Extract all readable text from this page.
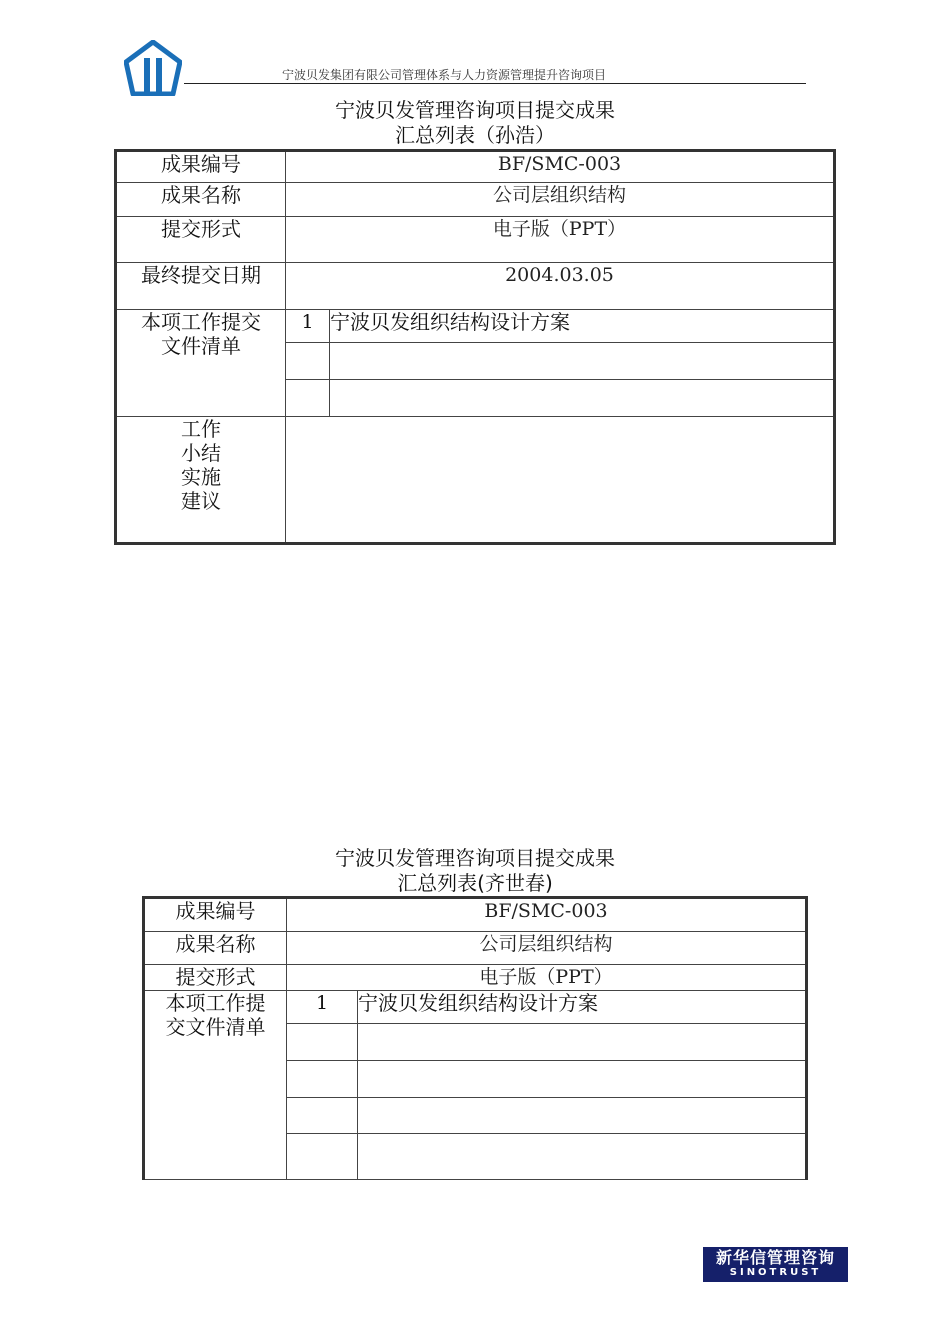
宁波贝发集团有限公司管理体系与人力资源管理提升咨询项目
宁波贝发管理咨询项目提交成果
汇总列表（孙浩）
成果编号	BF/SMC-003	
成果名称	公司层组织结构	
提交形式	电子版（PPT）	
最终提交日期	2004.03.05	

本项工作提交
文件清单	1	宁波贝发组织结构设计方案

工作
小结
实施
建议		

宁波贝发管理咨询项目提交成果
汇总列表(齐世春)
成果编号	BF/SMC-003	
成果名称	公司层组织结构	
提交形式	电子版（PPT）	

本项工作提
交文件清单	1	宁波贝发组织结构设计方案

新华信管理咨询
SINOTRUST
